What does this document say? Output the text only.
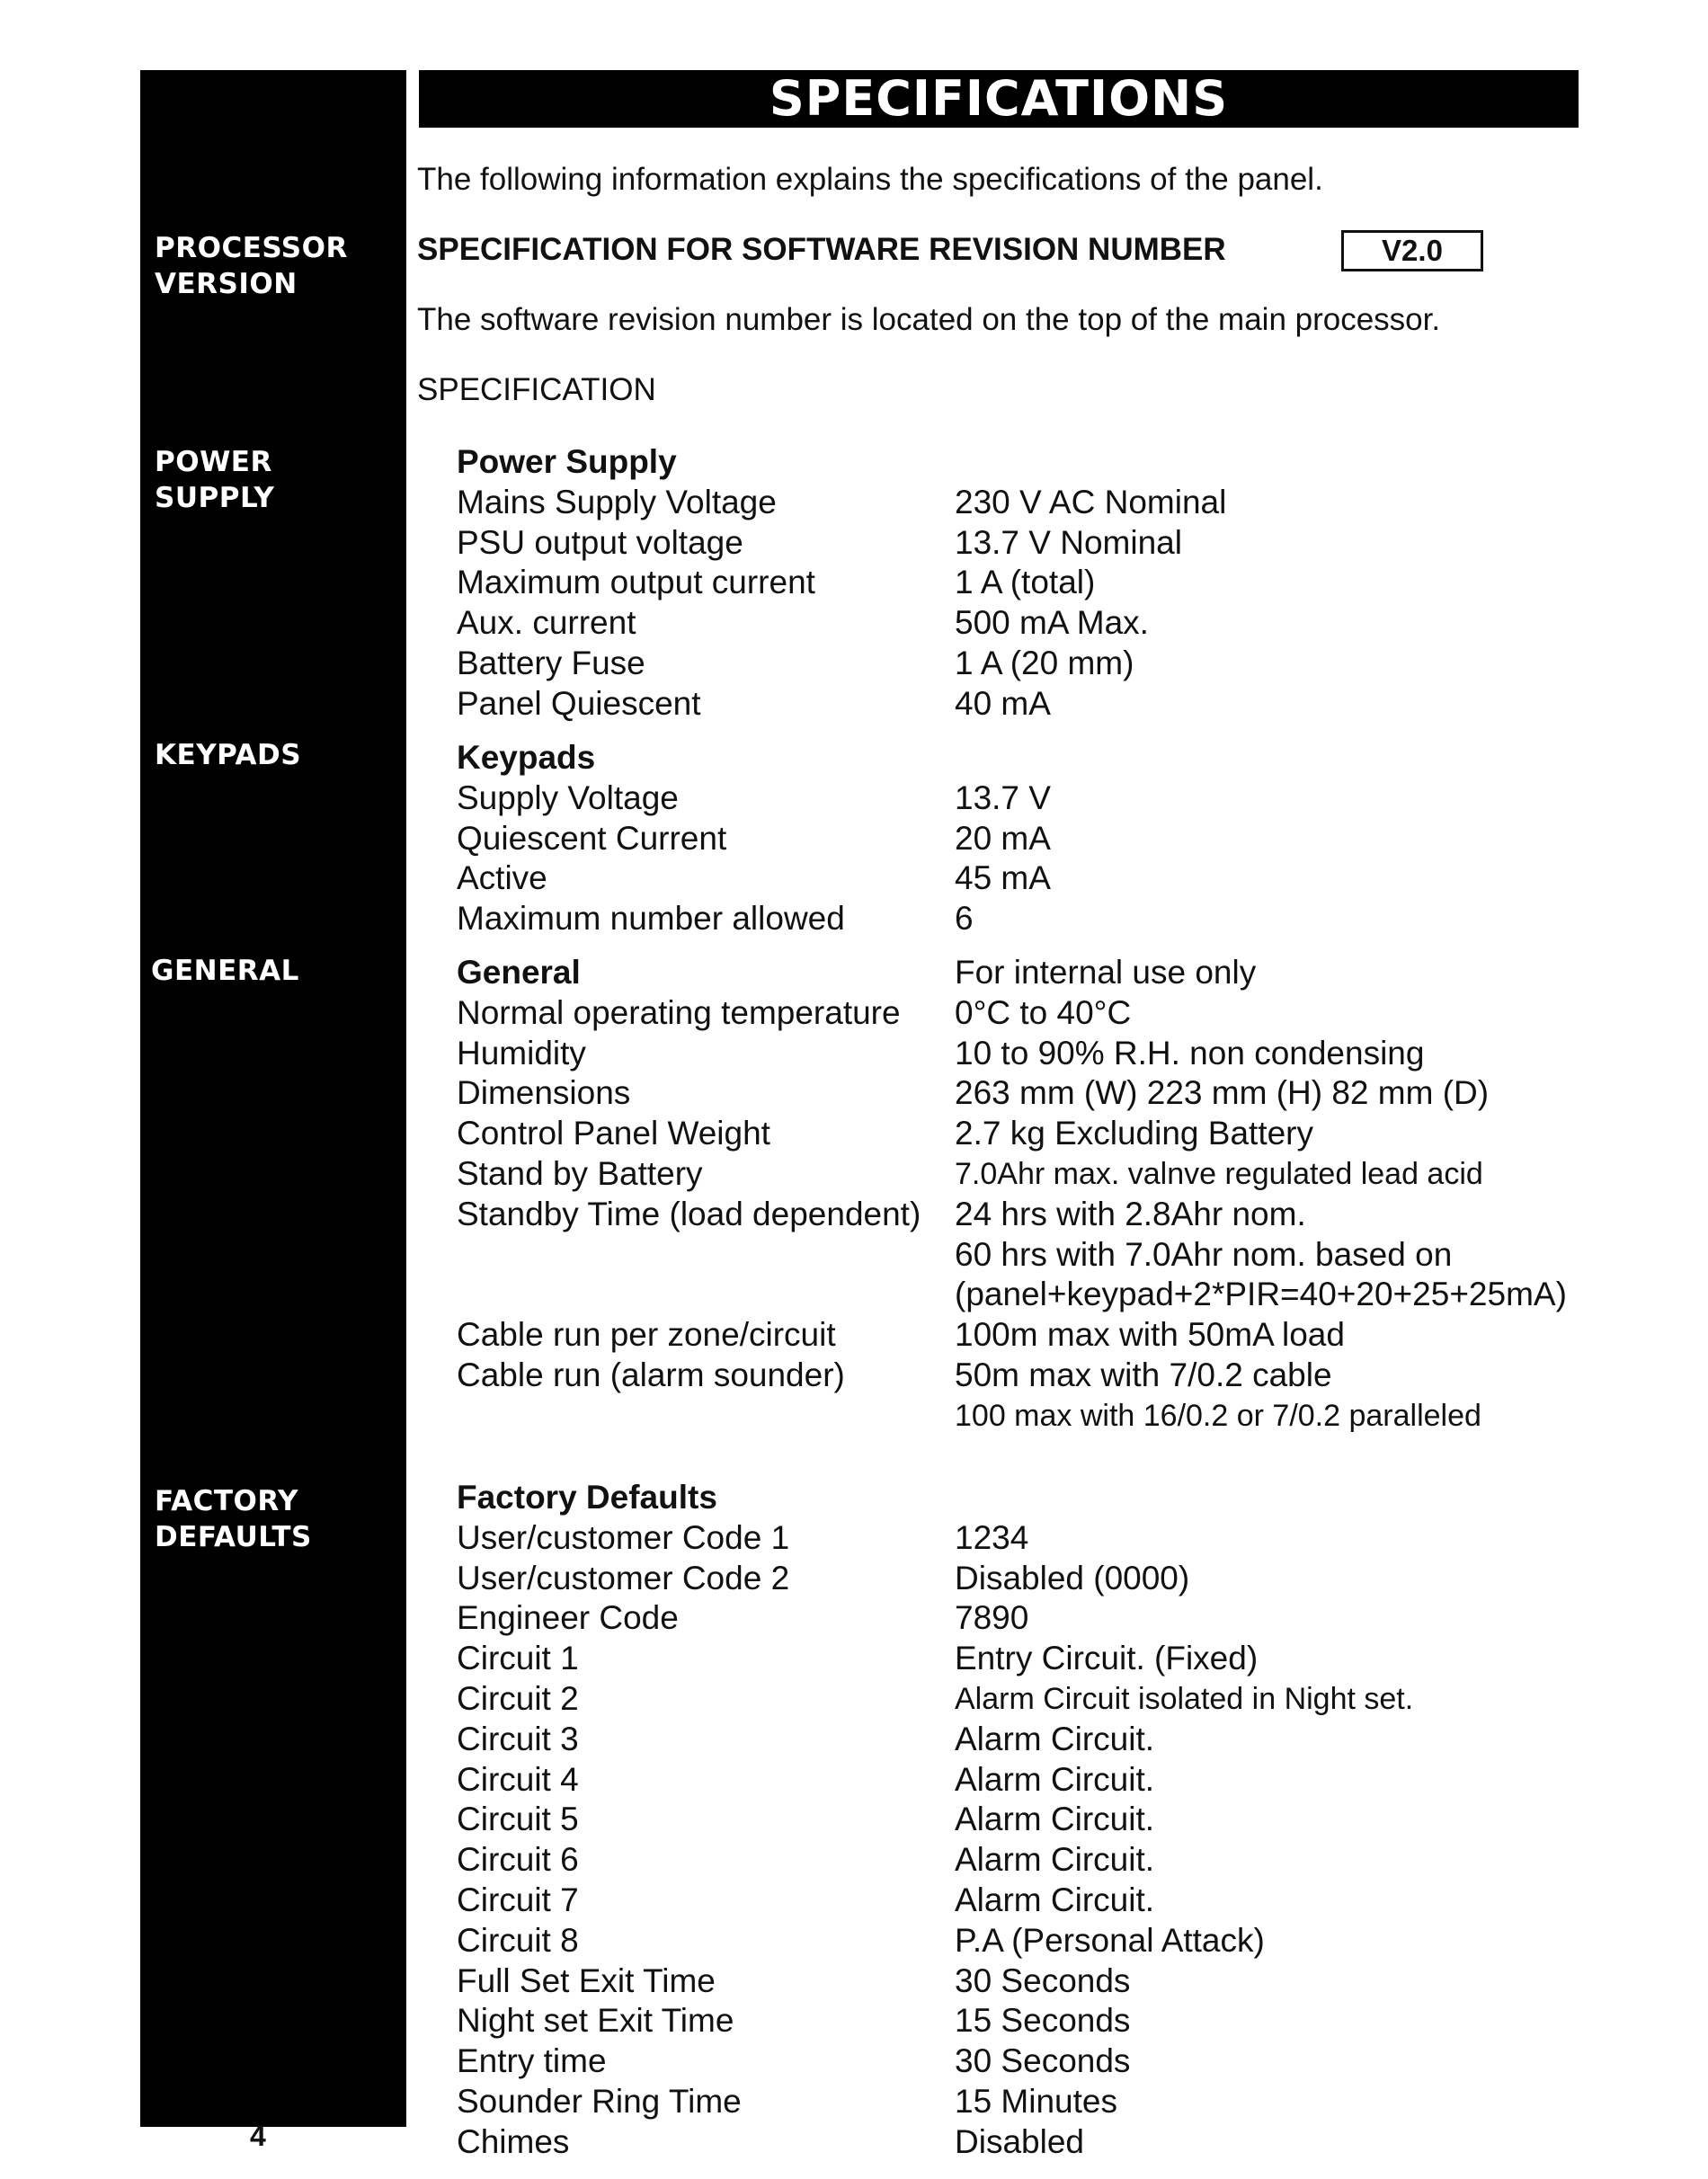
PROCESSOR
VERSION
POWER
SUPPLY
KEYPADS
GENERAL
FACTORY
DEFAULTS
SPECIFICATIONS
The following information explains the specifications of the panel.
SPECIFICATION FOR SOFTWARE REVISION NUMBER	V2.0
The software revision number is located on the top of the main processor.
SPECIFICATION
Power Supply
Mains Supply Voltage	230 V AC Nominal
PSU output voltage	13.7 V Nominal
Maximum output current	1 A (total)
Aux. current	500 mA Max.
Battery Fuse	1 A (20 mm)
Panel Quiescent	40 mA
Keypads
Supply Voltage	13.7 V
Quiescent Current	20 mA
Active	45 mA
Maximum number allowed	6
General	For internal use only
Normal operating temperature	0°C to 40°C
Humidity	10 to 90% R.H. non condensing
Dimensions	263 mm (W) 223 mm (H) 82 mm (D)
Control Panel Weight	2.7 kg Excluding Battery
Stand by Battery	7.0Ahr max. valnve regulated lead acid
Standby Time (load dependent)	24 hrs with 2.8Ahr nom.
60 hrs with 7.0Ahr nom. based on
(panel+keypad+2*PIR=40+20+25+25mA)
Cable run per zone/circuit	100m max with 50mA load
Cable run (alarm sounder)	50m max with 7/0.2 cable
100 max with 16/0.2 or 7/0.2 paralleled
Factory Defaults
User/customer Code 1	1234
User/customer Code 2	Disabled (0000)
Engineer Code	7890
Circuit 1	Entry Circuit. (Fixed)
Circuit 2	Alarm Circuit isolated in Night set.
Circuit 3	Alarm Circuit.
Circuit 4	Alarm Circuit.
Circuit 5	Alarm Circuit.
Circuit 6	Alarm Circuit.
Circuit 7	Alarm Circuit.
Circuit 8	P.A (Personal Attack)
Full Set Exit Time	30 Seconds
Night set Exit Time	15 Seconds
Entry time	30 Seconds
Sounder Ring Time	15 Minutes
Chimes	Disabled
4
